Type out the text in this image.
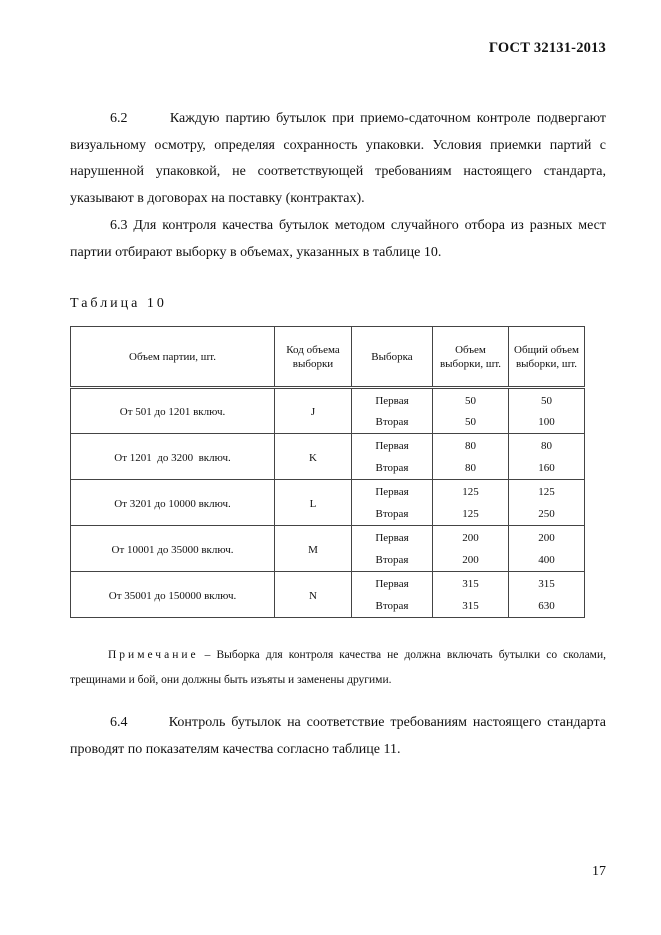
ГОСТ 32131-2013

6.2	Каждую партию бутылок при приемо-сдаточном контроле подвергают визуальному осмотру, определяя сохранность упаковки. Условия приемки партий с нарушенной упаковкой, не соответствующей требованиям настоящего стандарта, указывают в договорах на поставку (контрактах).

6.3 Для контроля качества бутылок методом случайного отбора из разных мест партии отбирают выборку в объемах, указанных в таблице 10.

Таблица 10
Объем партии, шт.	Код объема выборки	Выборка	Объем выборки, шт.	Общий объем выборки, шт.
От 501 до 1201 включ.	J	Первая	50	50
		Вторая	50	100
От 1201  до 3200  включ.	K	Первая	80	80
		Вторая	80	160
От 3201 до 10000 включ.	L	Первая	125	125
		Вторая	125	250
От 10001 до 35000 включ.	M	Первая	200	200
		Вторая	200	400
От 35001 до 150000 включ.	N	Первая	315	315
		Вторая	315	630

Примечание – Выборка для контроля качества не должна включать бутылки со сколами, трещинами и бой, они должны быть изъяты и заменены другими.

6.4	Контроль бутылок на соответствие требованиям настоящего стандарта проводят по показателям качества согласно таблице 11.

17
